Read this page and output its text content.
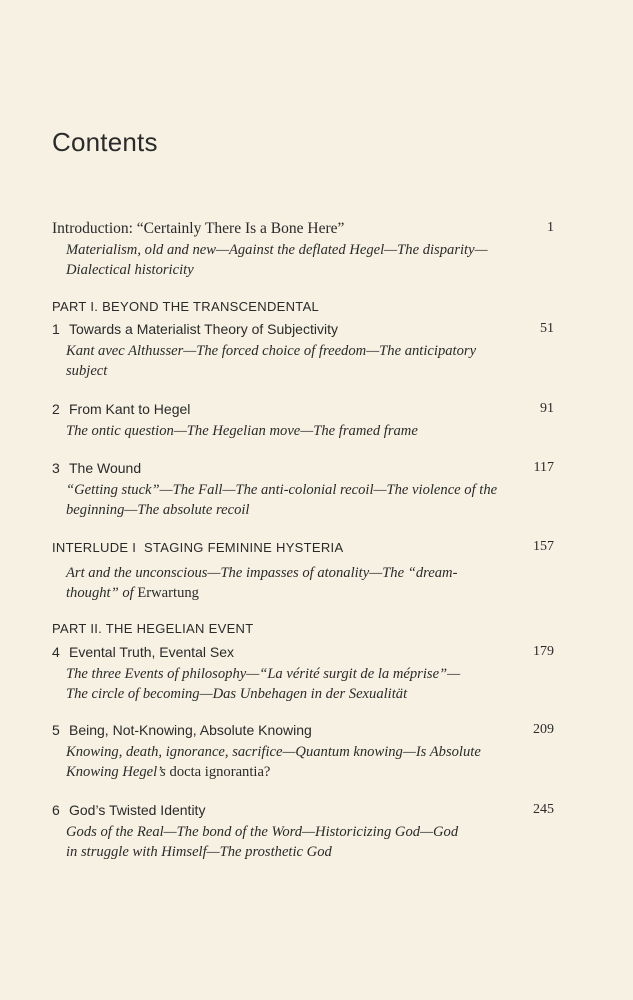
Contents
Introduction: “Certainly There Is a Bone Here”	1
Materialism, old and new—Against the deflated Hegel—The disparity—
Dialectical historicity
PART I. BEYOND THE TRANSCENDENTAL
1 Towards a Materialist Theory of Subjectivity	51
Kant avec Althusser—The forced choice of freedom—The anticipatory
subject
2 From Kant to Hegel	91
The ontic question—The Hegelian move—The framed frame
3 The Wound	117
“Getting stuck”—The Fall—The anti-colonial recoil—The violence of the
beginning—The absolute recoil
INTERLUDE I  STAGING FEMININE HYSTERIA	157
Art and the unconscious—The impasses of atonality—The “dream-
thought” of Erwartung
PART II. THE HEGELIAN EVENT
4 Evental Truth, Evental Sex	179
The three Events of philosophy—“La vérité surgit de la méprise”—
The circle of becoming—Das Unbehagen in der Sexualität
5 Being, Not-Knowing, Absolute Knowing	209
Knowing, death, ignorance, sacrifice—Quantum knowing—Is Absolute
Knowing Hegel’s docta ignorantia?
6 God’s Twisted Identity	245
Gods of the Real—The bond of the Word—Historicizing God—God
in struggle with Himself—The prosthetic God
